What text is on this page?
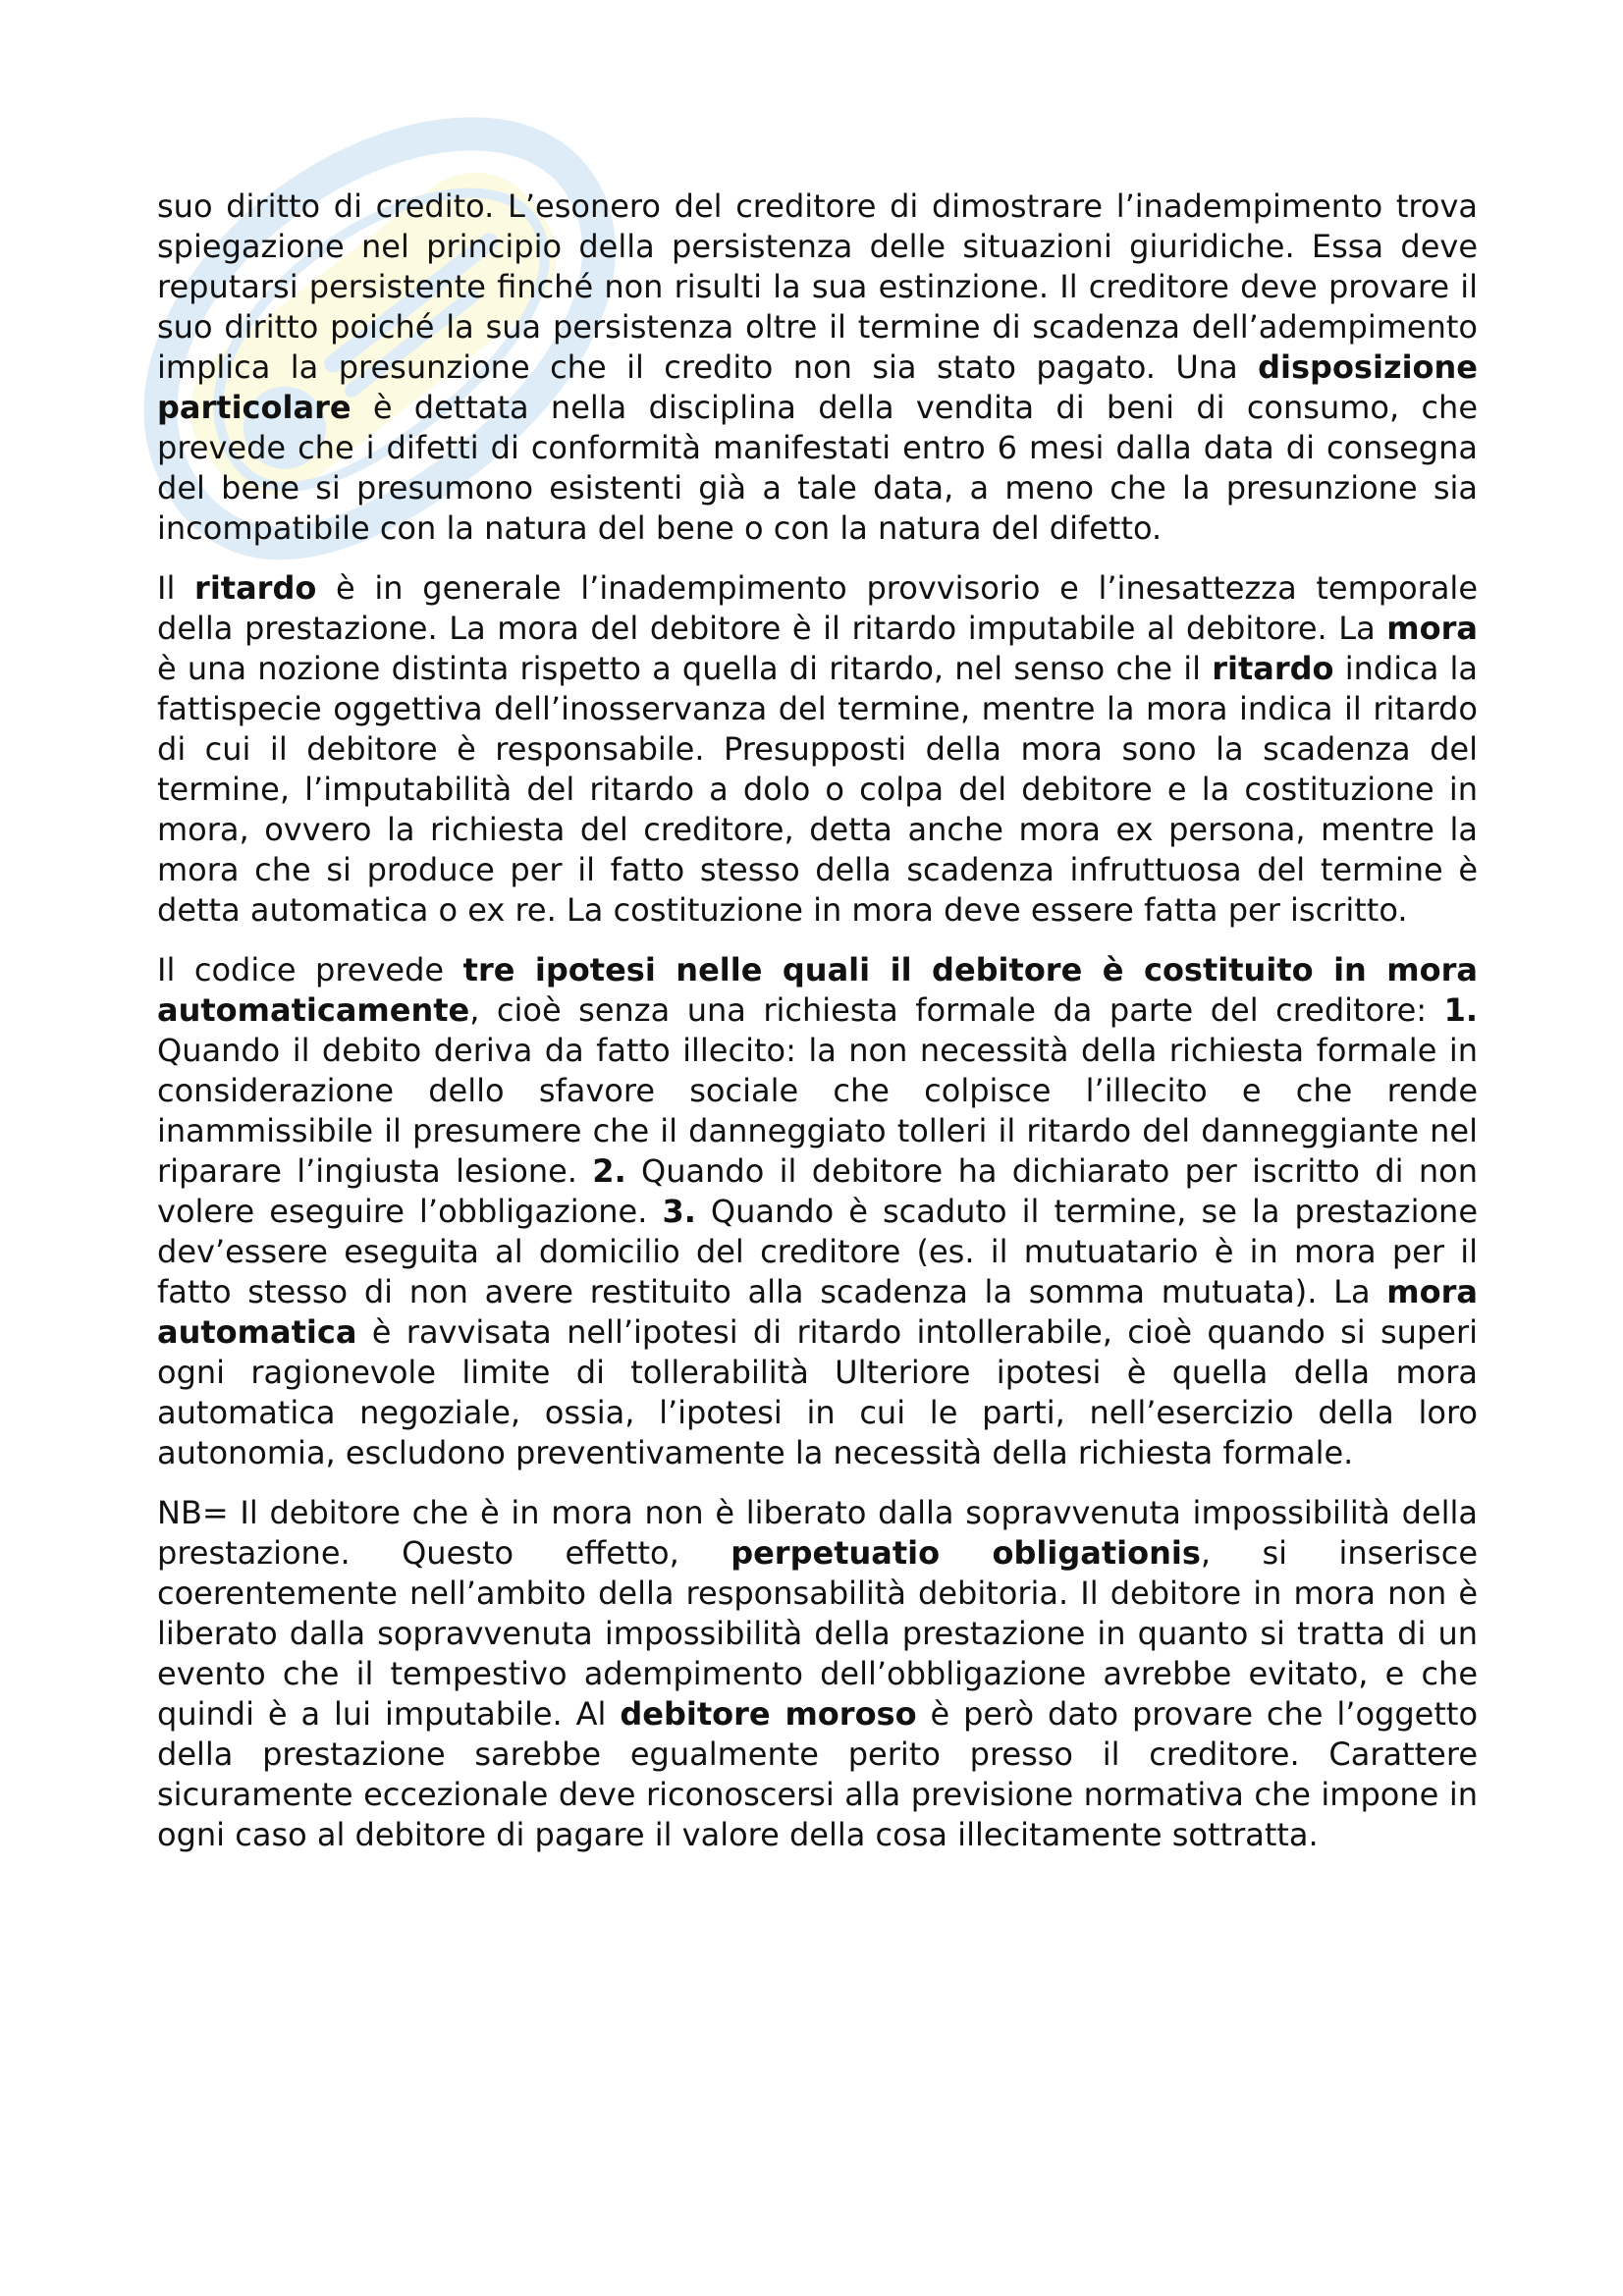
suo diritto di credito. L’esonero del creditore di dimostrare l’inadempimento trova spiegazione nel principio della persistenza delle situazioni giuridiche. Essa deve reputarsi persistente finché non risulti la sua estinzione. Il creditore deve provare il suo diritto poiché la sua persistenza oltre il termine di scadenza dell’adempimento implica la presunzione che il credito non sia stato pagato. Una disposizione particolare è dettata nella disciplina della vendita di beni di consumo, che prevede che i difetti di conformità manifestati entro 6 mesi dalla data di consegna del bene si presumono esistenti già a tale data, a meno che la presunzione sia incompatibile con la natura del bene o con la natura del difetto.

Il ritardo è in generale l’inadempimento provvisorio e l’inesattezza temporale della prestazione. La mora del debitore è il ritardo imputabile al debitore. La mora è una nozione distinta rispetto a quella di ritardo, nel senso che il ritardo indica la fattispecie oggettiva dell’inosservanza del termine, mentre la mora indica il ritardo di cui il debitore è responsabile. Presupposti della mora sono la scadenza del termine, l’imputabilità del ritardo a dolo o colpa del debitore e la costituzione in mora, ovvero la richiesta del creditore, detta anche mora ex persona, mentre la mora che si produce per il fatto stesso della scadenza infruttuosa del termine è detta automatica o ex re. La costituzione in mora deve essere fatta per iscritto.

Il codice prevede tre ipotesi nelle quali il debitore è costituito in mora automaticamente, cioè senza una richiesta formale da parte del creditore: 1. Quando il debito deriva da fatto illecito: la non necessità della richiesta formale in considerazione dello sfavore sociale che colpisce l’illecito e che rende inammissibile il presumere che il danneggiato tolleri il ritardo del danneggiante nel riparare l’ingiusta lesione. 2. Quando il debitore ha dichiarato per iscritto di non volere eseguire l’obbligazione. 3. Quando è scaduto il termine, se la prestazione dev’essere eseguita al domicilio del creditore (es. il mutuatario è in mora per il fatto stesso di non avere restituito alla scadenza la somma mutuata). La mora automatica è ravvisata nell’ipotesi di ritardo intollerabile, cioè quando si superi ogni ragionevole limite di tollerabilità Ulteriore ipotesi è quella della mora automatica negoziale, ossia, l’ipotesi in cui le parti, nell’esercizio della loro autonomia, escludono preventivamente la necessità della richiesta formale.

NB= Il debitore che è in mora non è liberato dalla sopravvenuta impossibilità della prestazione. Questo effetto, perpetuatio obligationis, si inserisce coerentemente nell’ambito della responsabilità debitoria. Il debitore in mora non è liberato dalla sopravvenuta impossibilità della prestazione in quanto si tratta di un evento che il tempestivo adempimento dell’obbligazione avrebbe evitato, e che quindi è a lui imputabile. Al debitore moroso è però dato provare che l’oggetto della prestazione sarebbe egualmente perito presso il creditore. Carattere sicuramente eccezionale deve riconoscersi alla previsione normativa che impone in ogni caso al debitore di pagare il valore della cosa illecitamente sottratta.
